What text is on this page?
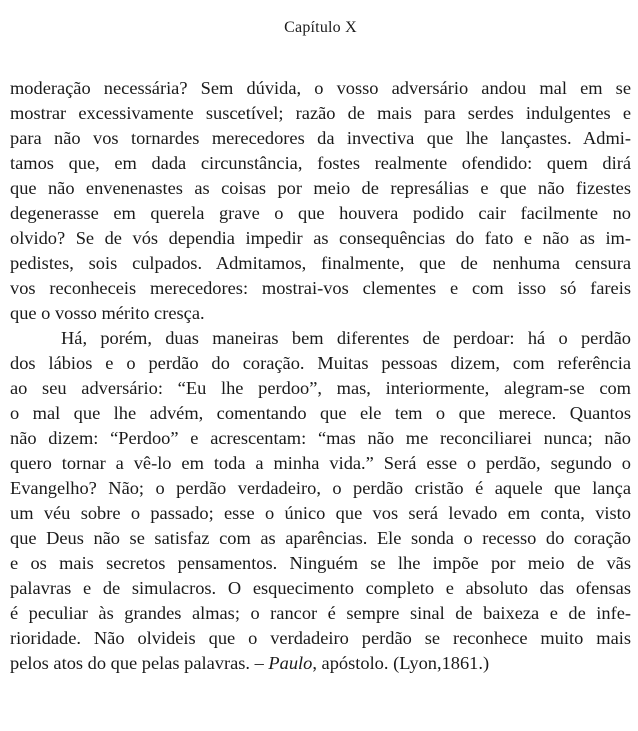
Capítulo X
moderação necessária? Sem dúvida, o vosso adversário andou mal em se
mostrar excessivamente suscetível; razão de mais para serdes indulgentes e
para não vos tornardes merecedores da invectiva que lhe lançastes. Admi-
tamos que, em dada circunstância, fostes realmente ofendido: quem dirá
que não envenenastes as coisas por meio de represálias e que não fizestes
degenerasse em querela grave o que houvera podido cair facilmente no
olvido? Se de vós dependia impedir as consequências do fato e não as im-
pedistes, sois culpados. Admitamos, finalmente, que de nenhuma censura
vos reconheceis merecedores: mostrai-vos clementes e com isso só fareis
que o vosso mérito cresça.
Há, porém, duas maneiras bem diferentes de perdoar: há o perdão
dos lábios e o perdão do coração. Muitas pessoas dizem, com referência
ao seu adversário: “Eu lhe perdoo”, mas, interiormente, alegram-se com
o mal que lhe advém, comentando que ele tem o que merece. Quantos
não dizem: “Perdoo” e acrescentam: “mas não me reconciliarei nunca; não
quero tornar a vê-lo em toda a minha vida.” Será esse o perdão, segundo o
Evangelho? Não; o perdão verdadeiro, o perdão cristão é aquele que lança
um véu sobre o passado; esse o único que vos será levado em conta, visto
que Deus não se satisfaz com as aparências. Ele sonda o recesso do coração
e os mais secretos pensamentos. Ninguém se lhe impõe por meio de vãs
palavras e de simulacros. O esquecimento completo e absoluto das ofensas
é peculiar às grandes almas; o rancor é sempre sinal de baixeza e de infe-
rioridade. Não olvideis que o verdadeiro perdão se reconhece muito mais
pelos atos do que pelas palavras. – Paulo, apóstolo. (Lyon,1861.)
